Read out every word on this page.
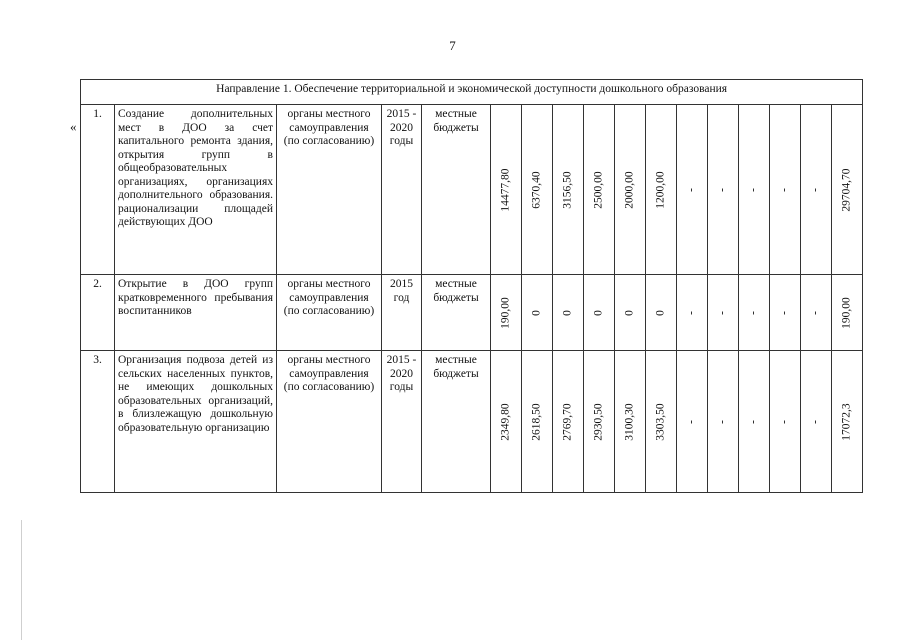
7
«
Направление 1. Обеспечение территориальной и экономической доступности дошкольного образования																
1.	Создание дополнительных мест в ДОО за счет капитального ремонта здания, открытия групп в общеобразовательных организациях, организациях дополнительного образования. рационализации площадей действующих ДОО	органы местного самоуправления (по согласованию)	2015 - 2020 годы	местные бюджеты	14477,80	6370,40	3156,50	2500,00	2000,00	1200,00	-	-	-	-	-	29704,70

2.	Открытие в ДОО групп кратковременного пребывания воспитанников	органы местного самоуправления (по согласованию)	2015 год	местные бюджеты	190,00	0	0	0	0	0	-	-	-	-	-	190,00

3.	Организация подвоза детей из сельских населенных пунктов, не имеющих дошкольных образовательных организаций, в близлежащую дошкольную образовательную организацию	органы местного самоуправления (по согласованию)	2015 - 2020 годы	местные бюджеты	2349,80	2618,50	2769,70	2930,50	3100,30	3303,50	-	-	-	-	-	17072,3
